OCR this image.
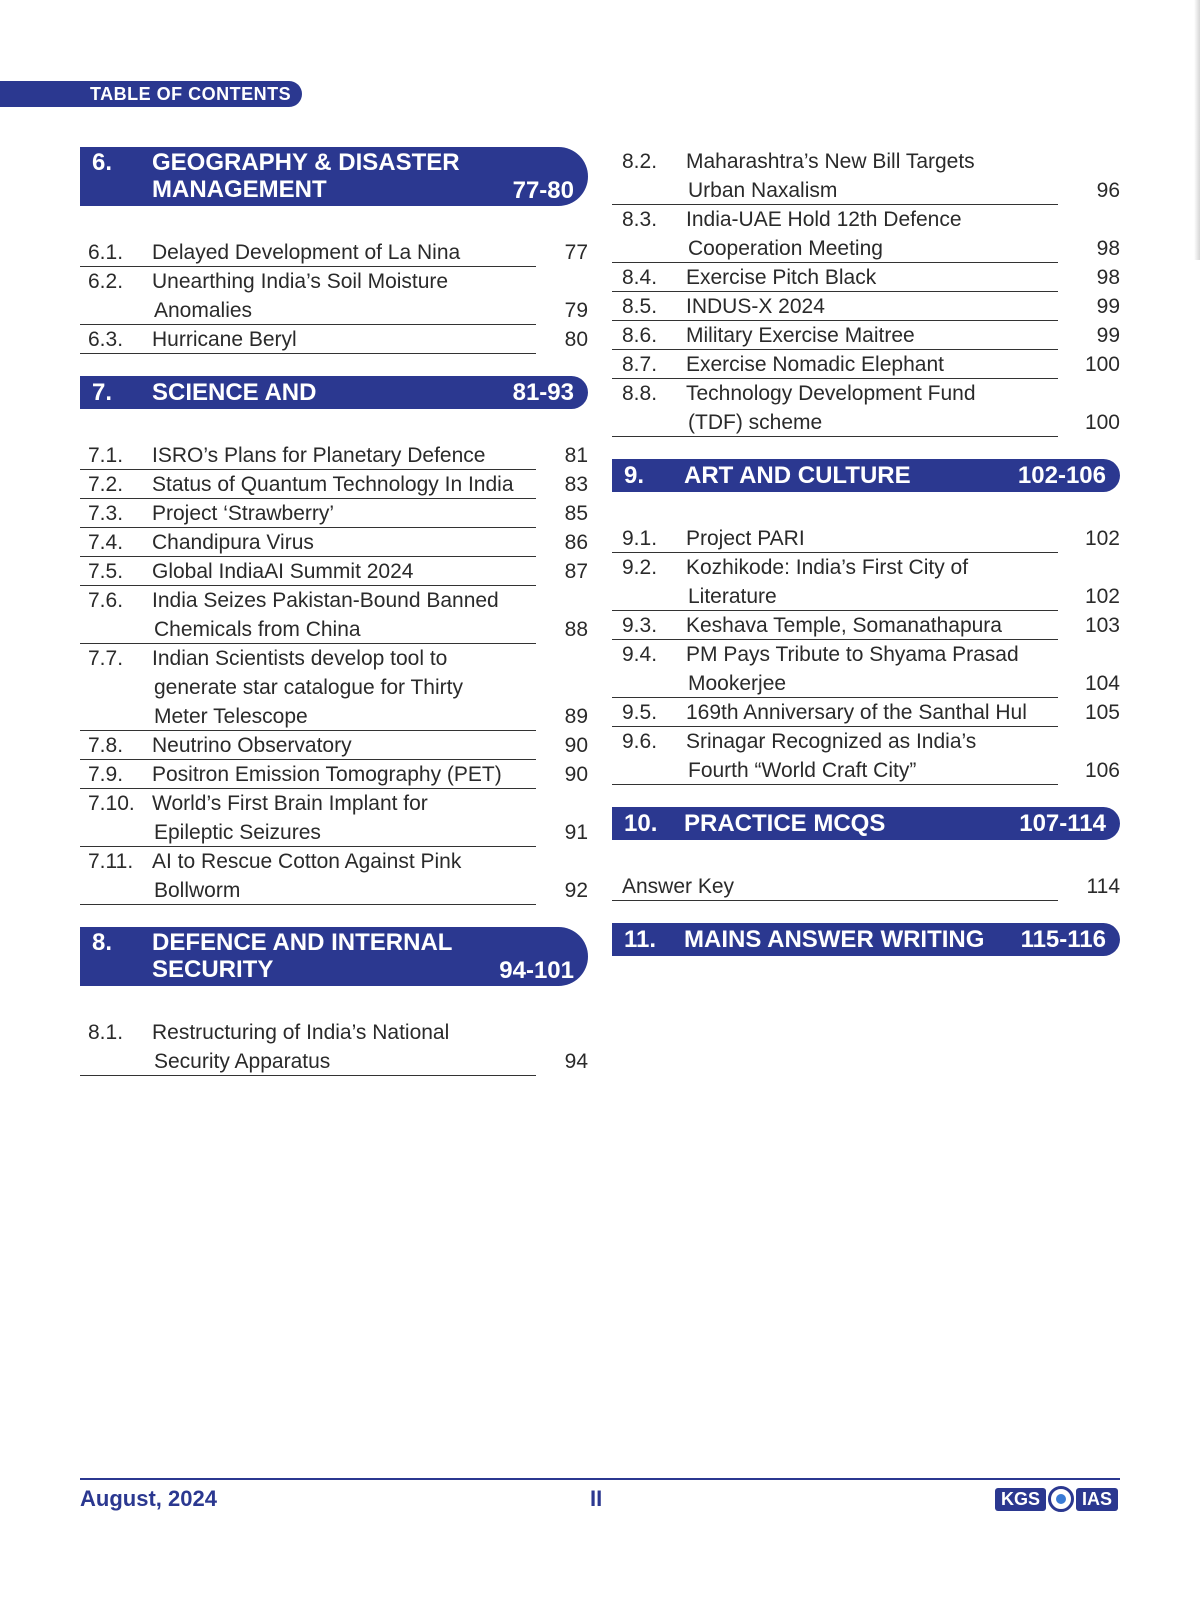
TABLE OF CONTENTS
6. GEOGRAPHY & DISASTER MANAGEMENT	77-80
6.1. Delayed Development of La Nina	77
6.2. Unearthing India’s Soil Moisture
Anomalies	79
6.3. Hurricane Beryl	80
7. SCIENCE AND TECHNOLOGY
81-93
7.1. ISRO’s Plans for Planetary Defence	81
7.2. Status of Quantum Technology In India	83
7.3. Project ‘Strawberry’	85
7.4. Chandipura Virus	86
7.5. Global IndiaAI Summit 2024	87
7.6. India Seizes Pakistan-Bound Banned
Chemicals from China	88
7.7. Indian Scientists develop tool to
generate star catalogue for Thirty
Meter Telescope	89
7.8. Neutrino Observatory	90
7.9. Positron Emission Tomography (PET)	90
7.10. World’s First Brain Implant for
Epileptic Seizures	91
7.11. AI to Rescue Cotton Against Pink
Bollworm	92
8. DEFENCE AND INTERNAL SECURITY	94-101
8.1. Restructuring of India’s National
Security Apparatus	94
8.2. Maharashtra’s New Bill Targets
Urban Naxalism	96
8.3. India-UAE Hold 12th Defence
Cooperation Meeting	98
8.4. Exercise Pitch Black	98
8.5. INDUS-X 2024	99
8.6. Military Exercise Maitree	99
8.7. Exercise Nomadic Elephant	100
8.8. Technology Development Fund
(TDF) scheme	100
9. ART AND CULTURE	102-106
9.1. Project PARI	102
9.2. Kozhikode: India’s First City of
Literature	102
9.3. Keshava Temple, Somanathapura	103
9.4. PM Pays Tribute to Shyama Prasad
Mookerjee	104
9.5. 169th Anniversary of the Santhal Hul	105
9.6. Srinagar Recognized as India’s
Fourth “World Craft City”	106
10. PRACTICE MCQS	107-114
Answer Key	114
11. MAINS ANSWER WRITING	115-116
August, 2024	II	KGS	IAS
